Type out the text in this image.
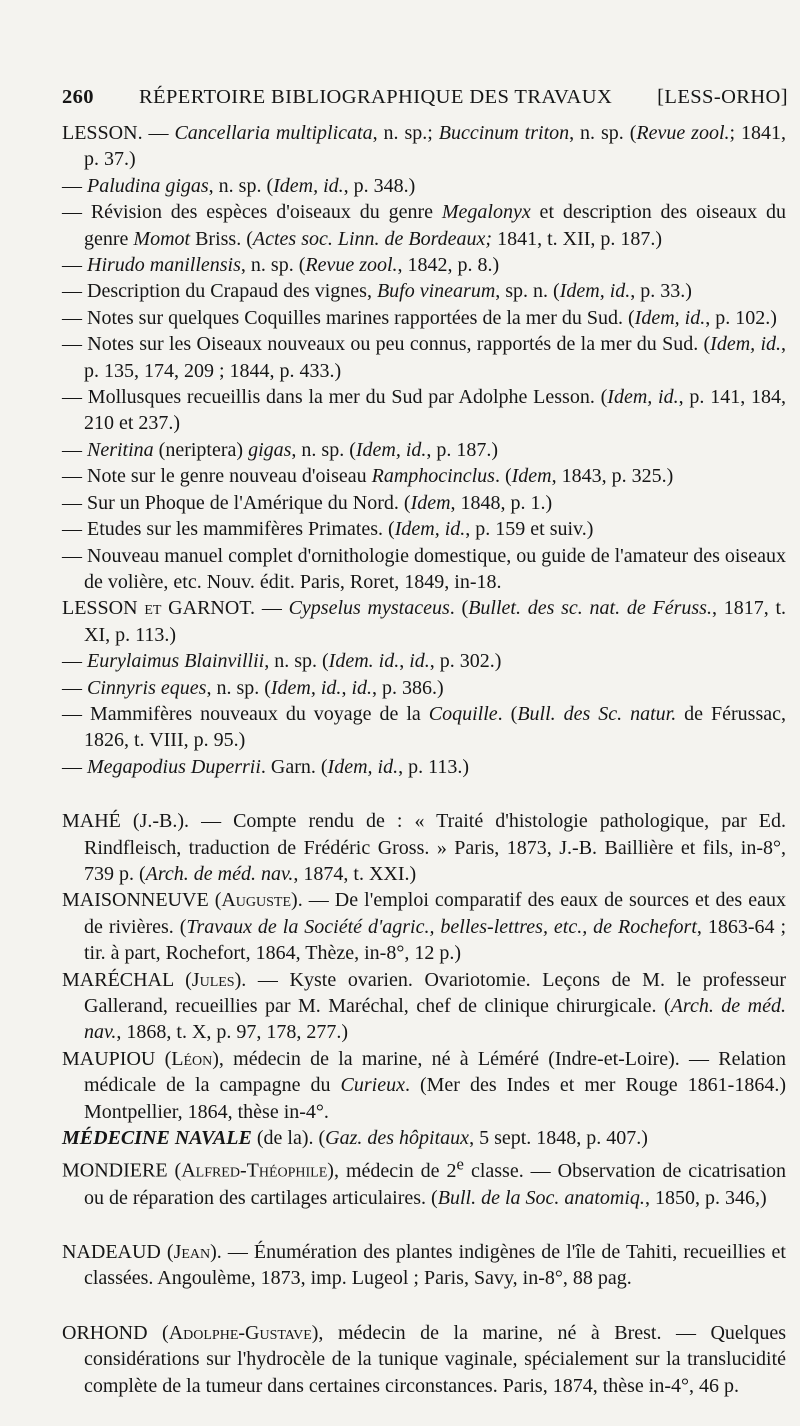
260 RÉPERTOIRE BIBLIOGRAPHIQUE DES TRAVAUX [LESS-ORHO]

LESSON. — Cancellaria multiplicata, n. sp.; Buccinum triton, n. sp. (Revue zool.; 1841, p. 37.)

— Paludina gigas, n. sp. (Idem, id., p. 348.)

— Révision des espèces d'oiseaux du genre Megalonyx et description des oiseaux du genre Momot Briss. (Actes soc. Linn. de Bordeaux; 1841, t. XII, p. 187.)

— Hirudo manillensis, n. sp. (Revue zool., 1842, p. 8.)

— Description du Crapaud des vignes, Bufo vinearum, sp. n. (Idem, id., p. 33.)

— Notes sur quelques Coquilles marines rapportées de la mer du Sud. (Idem, id., p. 102.)

— Notes sur les Oiseaux nouveaux ou peu connus, rapportés de la mer du Sud. (Idem, id., p. 135, 174, 209 ; 1844, p. 433.)

— Mollusques recueillis dans la mer du Sud par Adolphe Lesson. (Idem, id., p. 141, 184, 210 et 237.)

— Neritina (neriptera) gigas, n. sp. (Idem, id., p. 187.)

— Note sur le genre nouveau d'oiseau Ramphocinclus. (Idem, 1843, p. 325.)

— Sur un Phoque de l'Amérique du Nord. (Idem, 1848, p. 1.)

— Etudes sur les mammifères Primates. (Idem, id., p. 159 et suiv.)

— Nouveau manuel complet d'ornithologie domestique, ou guide de l'amateur des oiseaux de volière, etc. Nouv. édit. Paris, Roret, 1849, in-18.

LESSON et GARNOT. — Cypselus mystaceus. (Bullet. des sc. nat. de Féruss., 1817, t. XI, p. 113.)

— Eurylaimus Blainvillii, n. sp. (Idem. id., id., p. 302.)

— Cinnyris eques, n. sp. (Idem, id., id., p. 386.)

— Mammifères nouveaux du voyage de la Coquille. (Bull. des Sc. natur. de Férussac, 1826, t. VIII, p. 95.)

— Megapodius Duperrii. Garn. (Idem, id., p. 113.)

MAHÉ (J.-B.). — Compte rendu de : « Traité d'histologie pathologique, par Ed. Rindfleisch, traduction de Frédéric Gross. » Paris, 1873, J.-B. Baillière et fils, in-8°, 739 p. (Arch. de méd. nav., 1874, t. XXI.)

MAISONNEUVE (Auguste). — De l'emploi comparatif des eaux de sources et des eaux de rivières. (Travaux de la Société d'agric., belles-lettres, etc., de Rochefort, 1863-64 ; tir. à part, Rochefort, 1864, Thèze, in-8°, 12 p.)

MARÉCHAL (Jules). — Kyste ovarien. Ovariotomie. Leçons de M. le professeur Gallerand, recueillies par M. Maréchal, chef de clinique chirurgicale. (Arch. de méd. nav., 1868, t. X, p. 97, 178, 277.)

MAUPIOU (Léon), médecin de la marine, né à Léméré (Indre-et-Loire). — Relation médicale de la campagne du Curieux. (Mer des Indes et mer Rouge 1861-1864.) Montpellier, 1864, thèse in-4°.

MÉDECINE NAVALE (de la). (Gaz. des hôpitaux, 5 sept. 1848, p. 407.)

MONDIERE (Alfred-Théophile), médecin de 2e classe. — Observation de cicatrisation ou de réparation des cartilages articulaires. (Bull. de la Soc. anatomiq., 1850, p. 346,)

NADEAUD (Jean). — Énumération des plantes indigènes de l'île de Tahiti, recueillies et classées. Angoulème, 1873, imp. Lugeol ; Paris, Savy, in-8°, 88 pag.

ORHOND (Adolphe-Gustave), médecin de la marine, né à Brest. — Quelques considérations sur l'hydrocèle de la tunique vaginale, spécialement sur la translucidité complète de la tumeur dans certaines circonstances. Paris, 1874, thèse in-4°, 46 p.
